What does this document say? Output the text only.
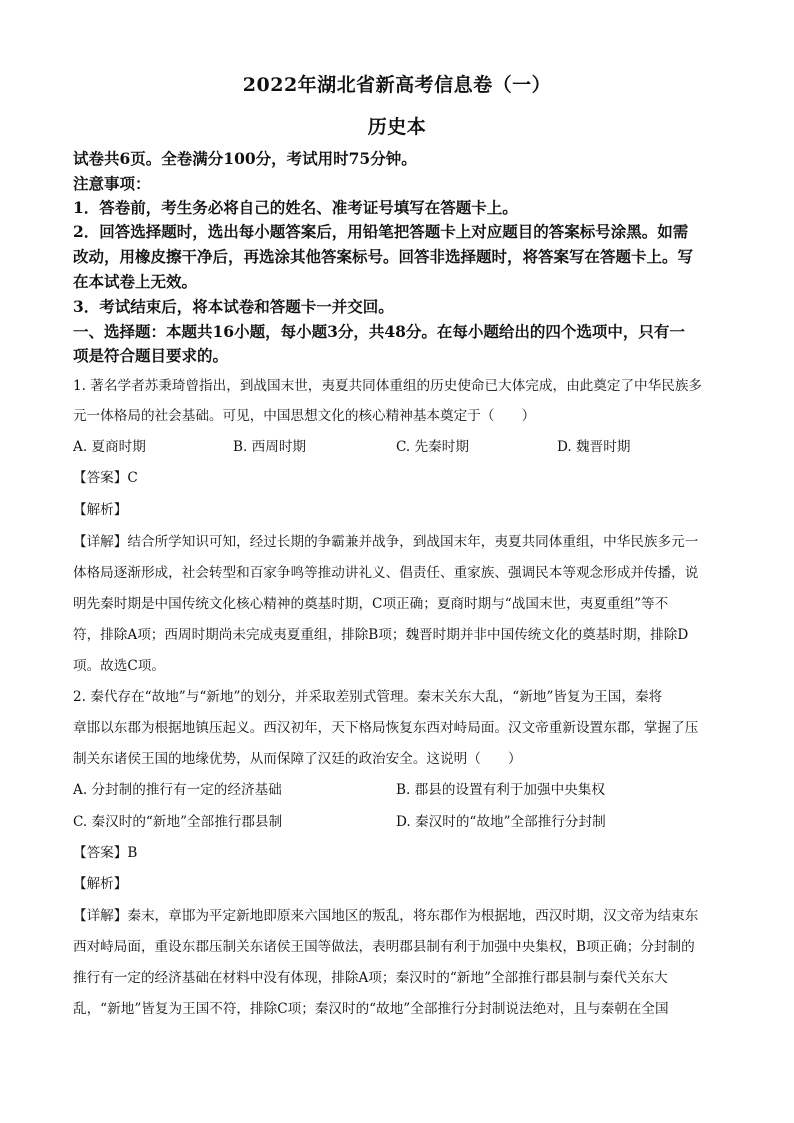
2022年湖北省新高考信息卷（一）
历史本
试卷共6页。全卷满分100分，考试用时75分钟。
注意事项：
1．答卷前，考生务必将自己的姓名、准考证号填写在答题卡上。
2．回答选择题时，选出每小题答案后，用铅笔把答题卡上对应题目的答案标号涂黑。如需
改动，用橡皮擦干净后，再选涂其他答案标号。回答非选择题时，将答案写在答题卡上。写
在本试卷上无效。
3．考试结束后，将本试卷和答题卡一并交回。
一、选择题：本题共16小题，每小题3分，共48分。在每小题给出的四个选项中，只有一
项是符合题目要求的。
1. 著名学者苏秉琦曾指出，到战国末世，夷夏共同体重组的历史使命已大体完成，由此奠定了中华民族多
元一体格局的社会基础。可见，中国思想文化的核心精神基本奠定于（　　）
A. 夏商时期	B. 西周时期	C. 先秦时期	D. 魏晋时期
【答案】C
【解析】
【详解】结合所学知识可知，经过长期的争霸兼并战争，到战国末年，夷夏共同体重组，中华民族多元一
体格局逐渐形成，社会转型和百家争鸣等推动讲礼义、倡责任、重家族、强调民本等观念形成并传播，说
明先秦时期是中国传统文化核心精神的奠基时期，C项正确；夏商时期与“战国末世，夷夏重组”等不
符，排除A项；西周时期尚未完成夷夏重组，排除B项；魏晋时期并非中国传统文化的奠基时期，排除D
项。故选C项。
2. 秦代存在“故地”与“新地”的划分，并采取差别式管理。秦末关东大乱，“新地”皆复为王国，秦将
章邯以东郡为根据地镇压起义。西汉初年，天下格局恢复东西对峙局面。汉文帝重新设置东郡，掌握了压
制关东诸侯王国的地缘优势，从而保障了汉廷的政治安全。这说明（　　）
A. 分封制的推行有一定的经济基础	B. 郡县的设置有利于加强中央集权
C. 秦汉时的“新地”全部推行郡县制	D. 秦汉时的“故地”全部推行分封制
【答案】B
【解析】
【详解】秦末，章邯为平定新地即原来六国地区的叛乱，将东郡作为根据地，西汉时期，汉文帝为结束东
西对峙局面，重设东郡压制关东诸侯王国等做法，表明郡县制有利于加强中央集权，B项正确；分封制的
推行有一定的经济基础在材料中没有体现，排除A项；秦汉时的“新地”全部推行郡县制与秦代关东大
乱，“新地”皆复为王国不符，排除C项；秦汉时的“故地”全部推行分封制说法绝对，且与秦朝在全国
